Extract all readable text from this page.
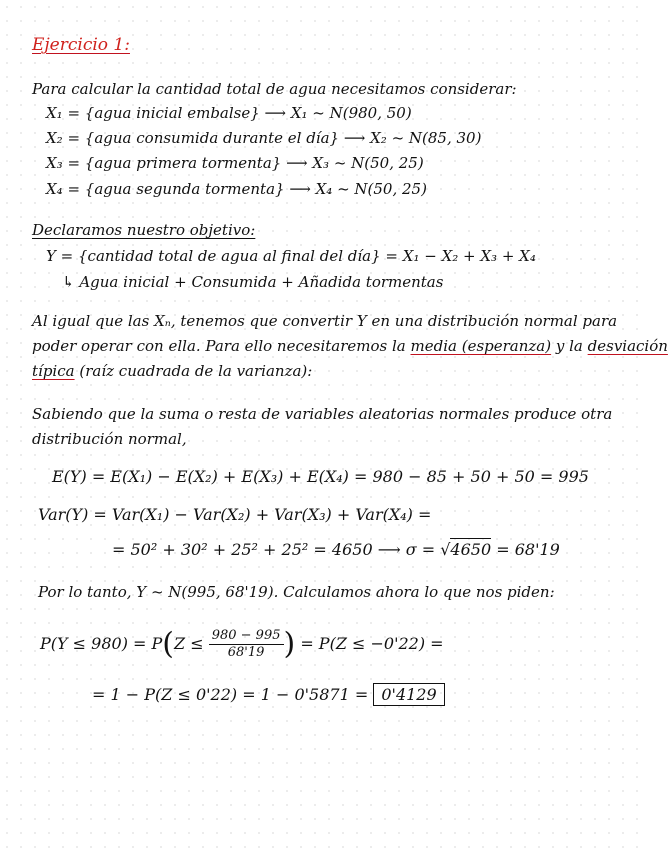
Ejercicio 1:
Para calcular la cantidad total de agua necesitamos considerar:
X₁ = {agua inicial embalse} ⟶ X₁ ~ N(980, 50)
X₂ = {agua consumida durante el día} ⟶ X₂ ~ N(85, 30)
X₃ = {agua primera tormenta} ⟶ X₃ ~ N(50, 25)
X₄ = {agua segunda tormenta} ⟶ X₄ ~ N(50, 25)
Declaramos nuestro objetivo:
Y = {cantidad total de agua al final del día} = X₁ − X₂ + X₃ + X₄
↳ Agua inicial + Consumida + Añadida tormentas
Al igual que las Xₙ, tenemos que convertir Y en una distribución normal para
poder operar con ella. Para ello necesitaremos la media (esperanza) y la desviación
típica (raíz cuadrada de la varianza):
Sabiendo que la suma o resta de variables aleatorias normales produce otra
distribución normal,
E(Y) = E(X₁) − E(X₂) + E(X₃) + E(X₄) = 980 − 85 + 50 + 50 = 995
Var(Y) = Var(X₁) − Var(X₂) + Var(X₃) + Var(X₄) =
= 50² + 30² + 25² + 25² = 4650 ⟶ σ = √4650 = 68'19
Por lo tanto, Y ~ N(995, 68'19). Calculamos ahora lo que nos piden:
$P(Y \le 980) = P(Z \le \frac{980 - 995}{68'19}$ ) = P(Z ≤ −0'22) =
= 1 − P(Z ≤ 0'22) = 1 − 0'5871 = 0'4129
